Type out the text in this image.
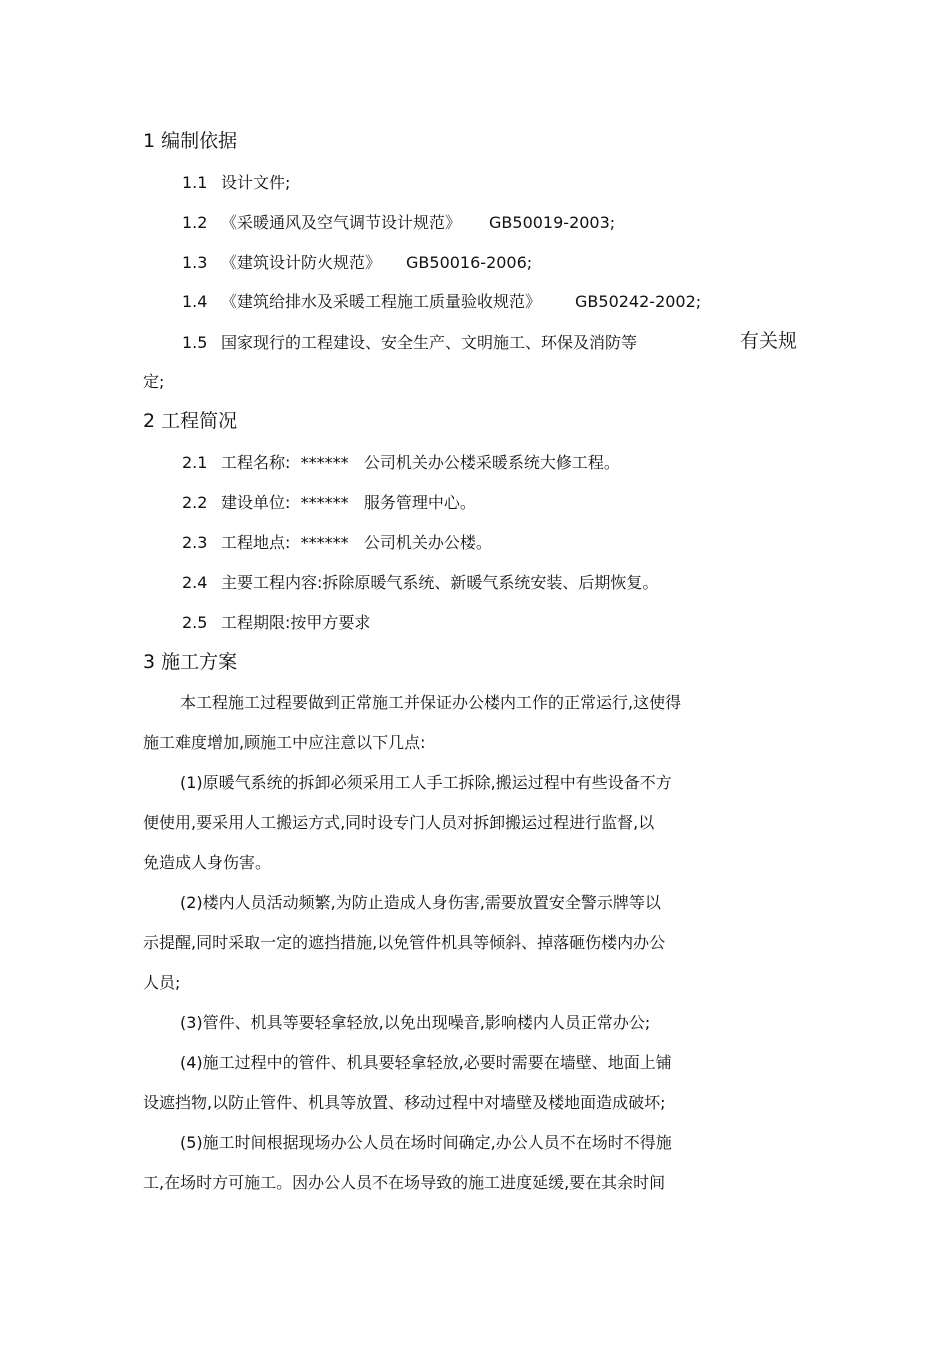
1 编制依据
1.1 设计文件;
1.2 《采暖通风及空气调节设计规范》 GB50019-2003;
1.3 《建筑设计防火规范》 GB50016-2006;
1.4 《建筑给排水及采暖工程施工质量验收规范》 GB50242-2002;
1.5 国家现行的工程建设、安全生产、文明施工、环保及消防等	有关规
定;
2 工程简况
2.1 工程名称:  ******   公司机关办公楼采暖系统大修工程。
2.2 建设单位:  ******   服务管理中心。
2.3 工程地点:  ******   公司机关办公楼。
2.4 主要工程内容:拆除原暖气系统、新暖气系统安装、后期恢复。
2.5 工程期限:按甲方要求
3 施工方案
本工程施工过程要做到正常施工并保证办公楼内工作的正常运行,这使得
施工难度增加,顾施工中应注意以下几点:
(1)原暖气系统的拆卸必须采用工人手工拆除,搬运过程中有些设备不方
便使用,要采用人工搬运方式,同时设专门人员对拆卸搬运过程进行监督,以
免造成人身伤害。
(2)楼内人员活动频繁,为防止造成人身伤害,需要放置安全警示牌等以
示提醒,同时采取一定的遮挡措施,以免管件机具等倾斜、掉落砸伤楼内办公
人员;
(3)管件、机具等要轻拿轻放,以免出现噪音,影响楼内人员正常办公;
(4)施工过程中的管件、机具要轻拿轻放,必要时需要在墙壁、地面上铺
设遮挡物,以防止管件、机具等放置、移动过程中对墙壁及楼地面造成破坏;
(5)施工时间根据现场办公人员在场时间确定,办公人员不在场时不得施
工,在场时方可施工。因办公人员不在场导致的施工进度延缓,要在其余时间
